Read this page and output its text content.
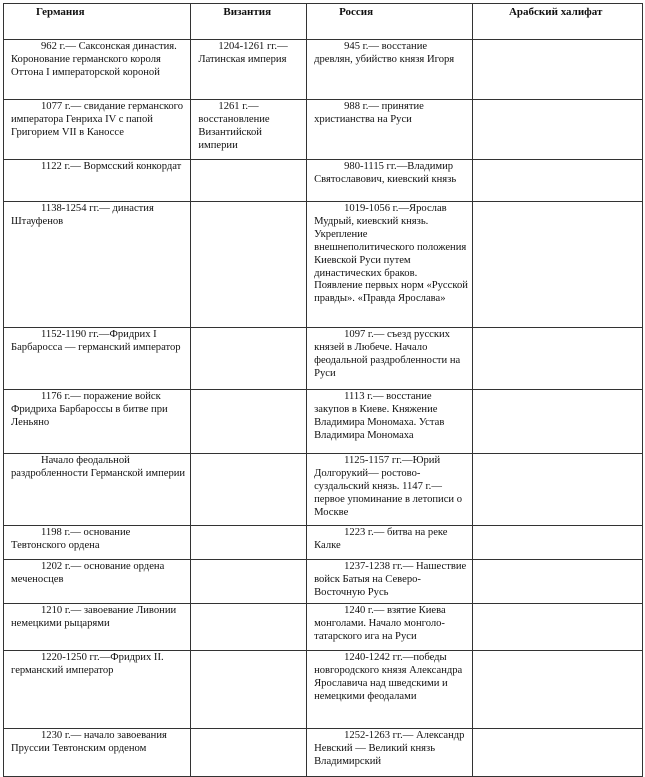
Германия	Византия	Россия	Арабский халифат

962 г.— Саксонская династия. Коронование германского короля Оттона I императорской короной	1204-1261 гг.—Латинская империя	945 г.— восстание древлян, убийство князя Игоря	

1077 г.— свидание германского императора Генриха IV с папой Григорием VII в Каноссе	1261 г.— восстановление Византийской империи	988 г.— принятие христианства на Руси	

1122 г.— Вормсский конкордат		980-1115 гг.—Владимир Святославович, киевский князь	

1138-1254 гг.— династия Штауфенов		1019-1056 г.—Ярослав Мудрый, киевский князь. Укрепление внешнеполитического положения Киевской Руси путем династических браков. Появление первых норм «Русской правды». «Правда Ярослава»	

1152-1190 гг.—Фридрих I Барбаросса — германский император		1097 г.— съезд русских князей в Любече. Начало феодальной раздробленности на Руси	

1176 г.— поражение войск Фридриха Барбароссы в битве при Леньяно		1113 г.— восстание закупов в Киеве. Княжение Владимира Мономаха. Устав Владимира Мономаха	

Начало феодальной раздробленности Германской империи		1125-1157 гг.—Юрий Долгорукий— ростово-суздальский князь. 1147 г.— первое упоминание в летописи о Москве	

1198 г.— основание Тевтонского ордена		1223 г.— битва на реке Калке	

1202 г.— основание ордена меченосцев		1237-1238 гг.— Нашествие войск Батыя на Северо-Восточную Русь	

1210 г.— завоевание Ливонии немецкими рыцарями		1240 г.— взятие Киева монголами. Начало монголо-татарского ига на Руси	

1220-1250 гг.—Фридрих II. германский император		1240-1242 гг.—победы новгородского князя Александра Ярославича над шведскими и немецкими феодалами	

1230 г.— начало завоевания Пруссии Тевтонским орденом		1252-1263 гг.— Александр Невский — Великий князь Владимирский	
